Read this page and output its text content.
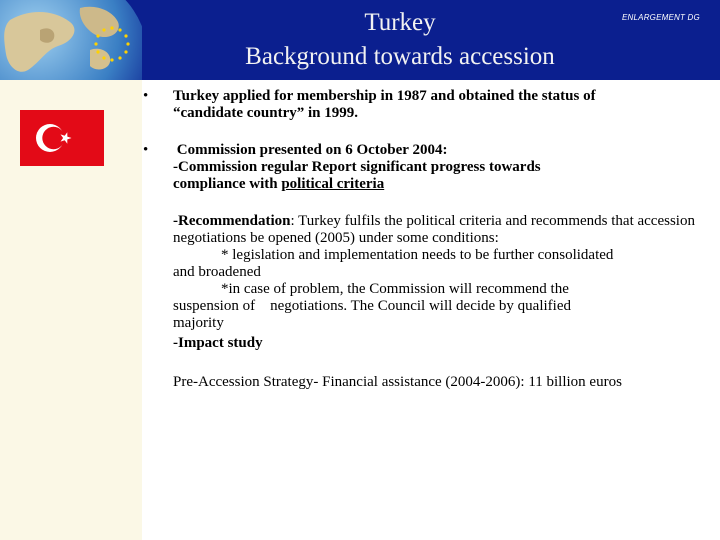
Turkey
Background towards accession
ENLARGEMENT DG
• Turkey applied for membership in 1987 and obtained the status of

“candidate country” in 1999.

• Commission presented on 6 October 2004:

-Commission regular Report significant progress towards

compliance with political criteria

-Recommendation: Turkey fulfils the political criteria and recommends that accession negotiations be opened (2005) under some conditions:

* legislation and implementation needs to be further consolidated

and broadened

*in case of problem, the Commission will recommend the

suspension of    negotiations. The Council will decide by qualified

majority

-Impact study

Pre-Accession Strategy- Financial assistance (2004-2006): 11 billion euros
